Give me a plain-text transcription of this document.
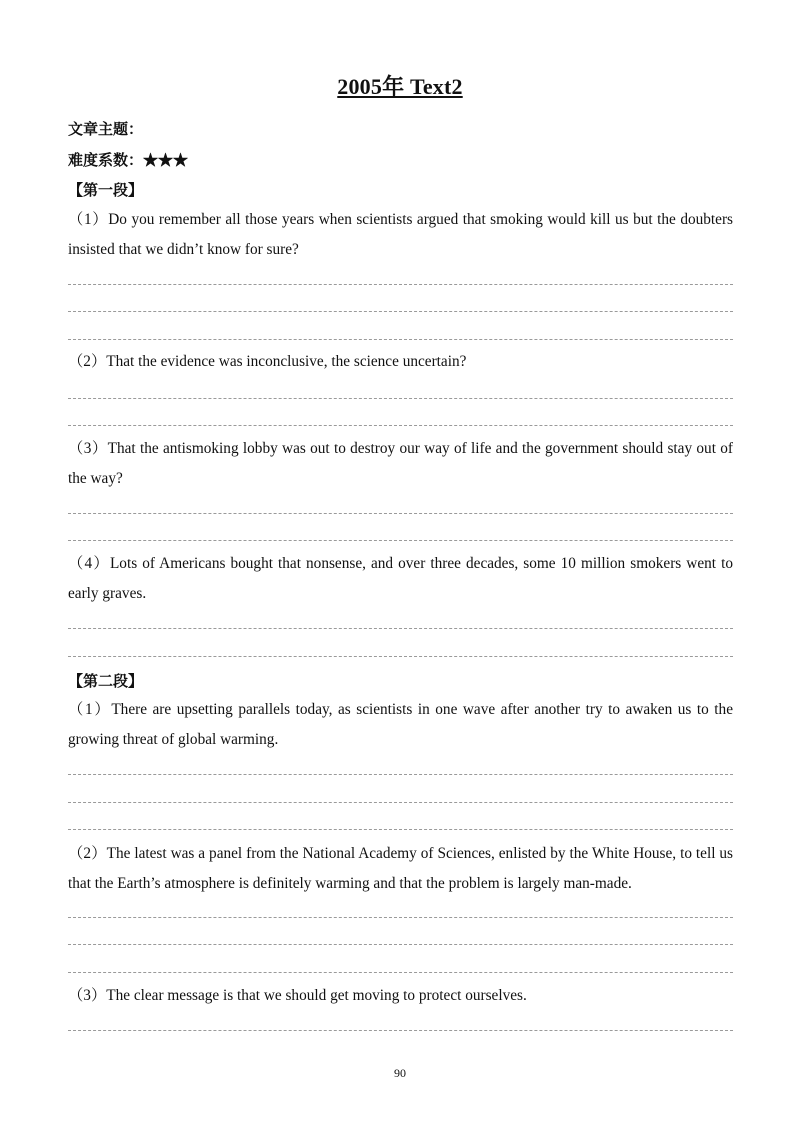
2005年 Text2
文章主题：
难度系数：★★★
【第一段】
（1）Do you remember all those years when scientists argued that smoking would kill us but the doubters insisted that we didn’t know for sure?
（2）That the evidence was inconclusive, the science uncertain?
（3）That the antismoking lobby was out to destroy our way of life and the government should stay out of the way?
（4）Lots of Americans bought that nonsense, and over three decades, some 10 million smokers went to early graves.
【第二段】
（1）There are upsetting parallels today, as scientists in one wave after another try to awaken us to the growing threat of global warming.
（2）The latest was a panel from the National Academy of Sciences, enlisted by the White House, to tell us that the Earth’s atmosphere is definitely warming and that the problem is largely man-made.
（3）The clear message is that we should get moving to protect ourselves.
90
